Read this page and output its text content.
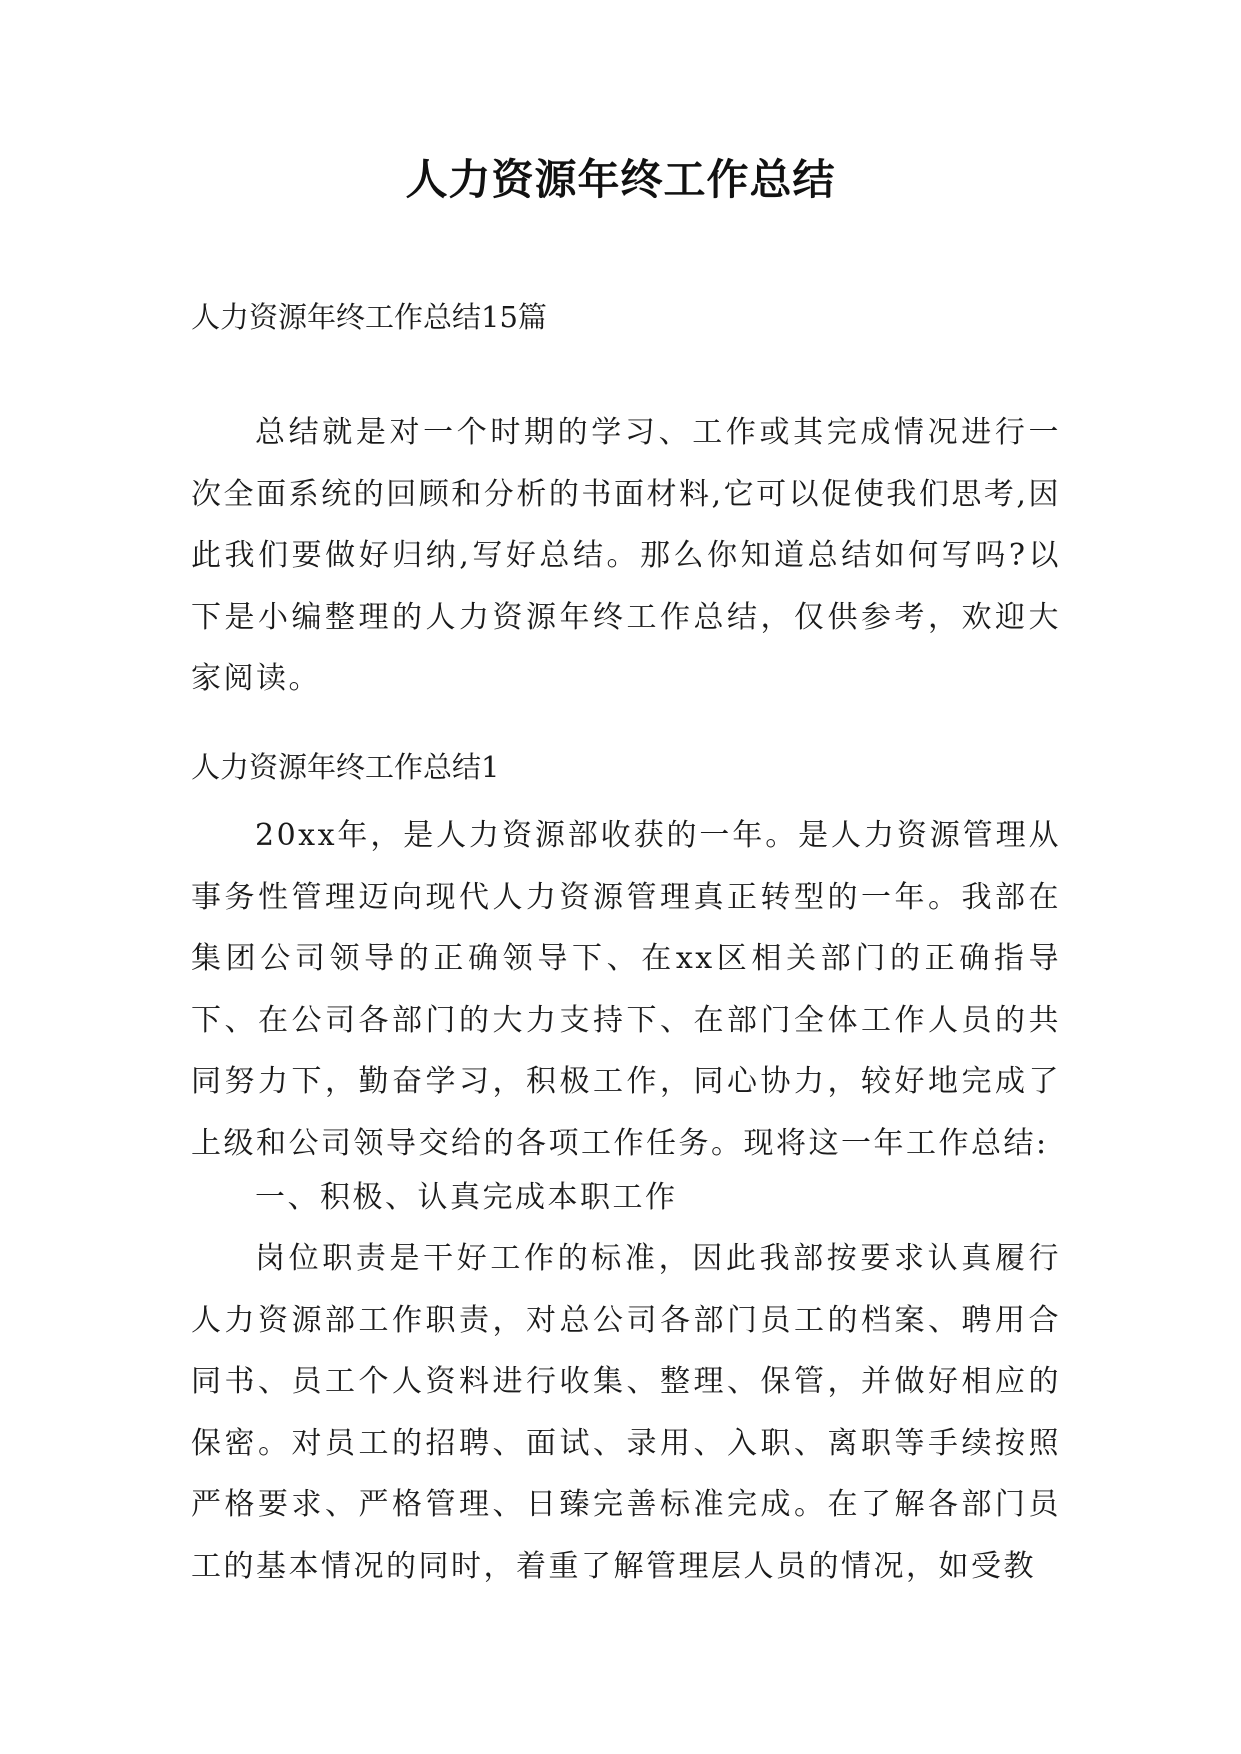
人力资源年终工作总结
人力资源年终工作总结15篇

总结就是对一个时期的学习、工作或其完成情况进行一次全面系统的回顾和分析的书面材料,它可以促使我们思考,因此我们要做好归纳,写好总结。那么你知道总结如何写吗?以下是小编整理的人力资源年终工作总结，仅供参考，欢迎大家阅读。

人力资源年终工作总结1

20xx年，是人力资源部收获的一年。是人力资源管理从事务性管理迈向现代人力资源管理真正转型的一年。我部在集团公司领导的正确领导下、在xx区相关部门的正确指导下、在公司各部门的大力支持下、在部门全体工作人员的共同努力下，勤奋学习，积极工作，同心协力，较好地完成了上级和公司领导交给的各项工作任务。现将这一年工作总结:

一、积极、认真完成本职工作

岗位职责是干好工作的标准，因此我部按要求认真履行人力资源部工作职责，对总公司各部门员工的档案、聘用合同书、员工个人资料进行收集、整理、保管，并做好相应的保密。对员工的招聘、面试、录用、入职、离职等手续按照严格要求、严格管理、日臻完善标准完成。在了解各部门员工的基本情况的同时，着重了解管理层人员的情况，如受教
